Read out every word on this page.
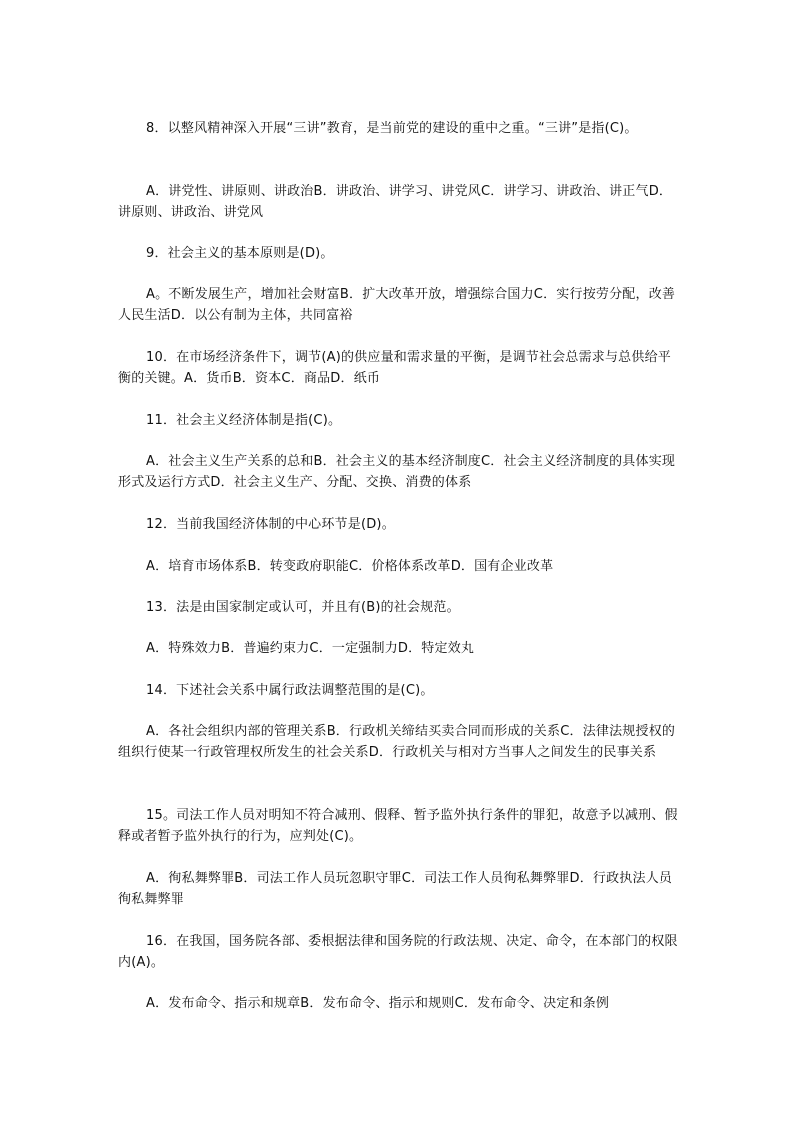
8．以整风精神深入开展“三讲”教育，是当前党的建设的重中之重。“三讲”是指(C)。

A．讲党性、讲原则、讲政治B．讲政治、讲学习、讲党风C．讲学习、讲政治、讲正气D．讲原则、讲政治、讲党风

9．社会主义的基本原则是(D)。

A。不断发展生产，增加社会财富B．扩大改革开放，增强综合国力C．实行按劳分配，改善人民生活D．以公有制为主体，共同富裕

10．在市场经济条件下，调节(A)的供应量和需求量的平衡，是调节社会总需求与总供给平衡的关键。A．货币B．资本C．商品D．纸币

11．社会主义经济体制是指(C)。

A．社会主义生产关系的总和B．社会主义的基本经济制度C．社会主义经济制度的具体实现形式及运行方式D．社会主义生产、分配、交换、消费的体系

12．当前我国经济体制的中心环节是(D)。

A．培育市场体系B．转变政府职能C．价格体系改革D．国有企业改革

13．法是由国家制定或认可，并且有(B)的社会规范。

A．特殊效力B．普遍约束力C．一定强制力D．特定效丸

14．下述社会关系中属行政法调整范围的是(C)。

A．各社会组织内部的管理关系B．行政机关缔结买卖合同而形成的关系C．法律法规授权的组织行使某一行政管理权所发生的社会关系D．行政机关与相对方当事人之间发生的民事关系

15。司法工作人员对明知不符合减刑、假释、暂予监外执行条件的罪犯，故意予以减刑、假释或者暂予监外执行的行为，应判处(C)。

A．徇私舞弊罪B．司法工作人员玩忽职守罪C．司法工作人员徇私舞弊罪D．行政执法人员徇私舞弊罪

16．在我国，国务院各部、委根据法律和国务院的行政法规、决定、命令，在本部门的权限内(A)。

A．发布命令、指示和规章B．发布命令、指示和规则C．发布命令、决定和条例
